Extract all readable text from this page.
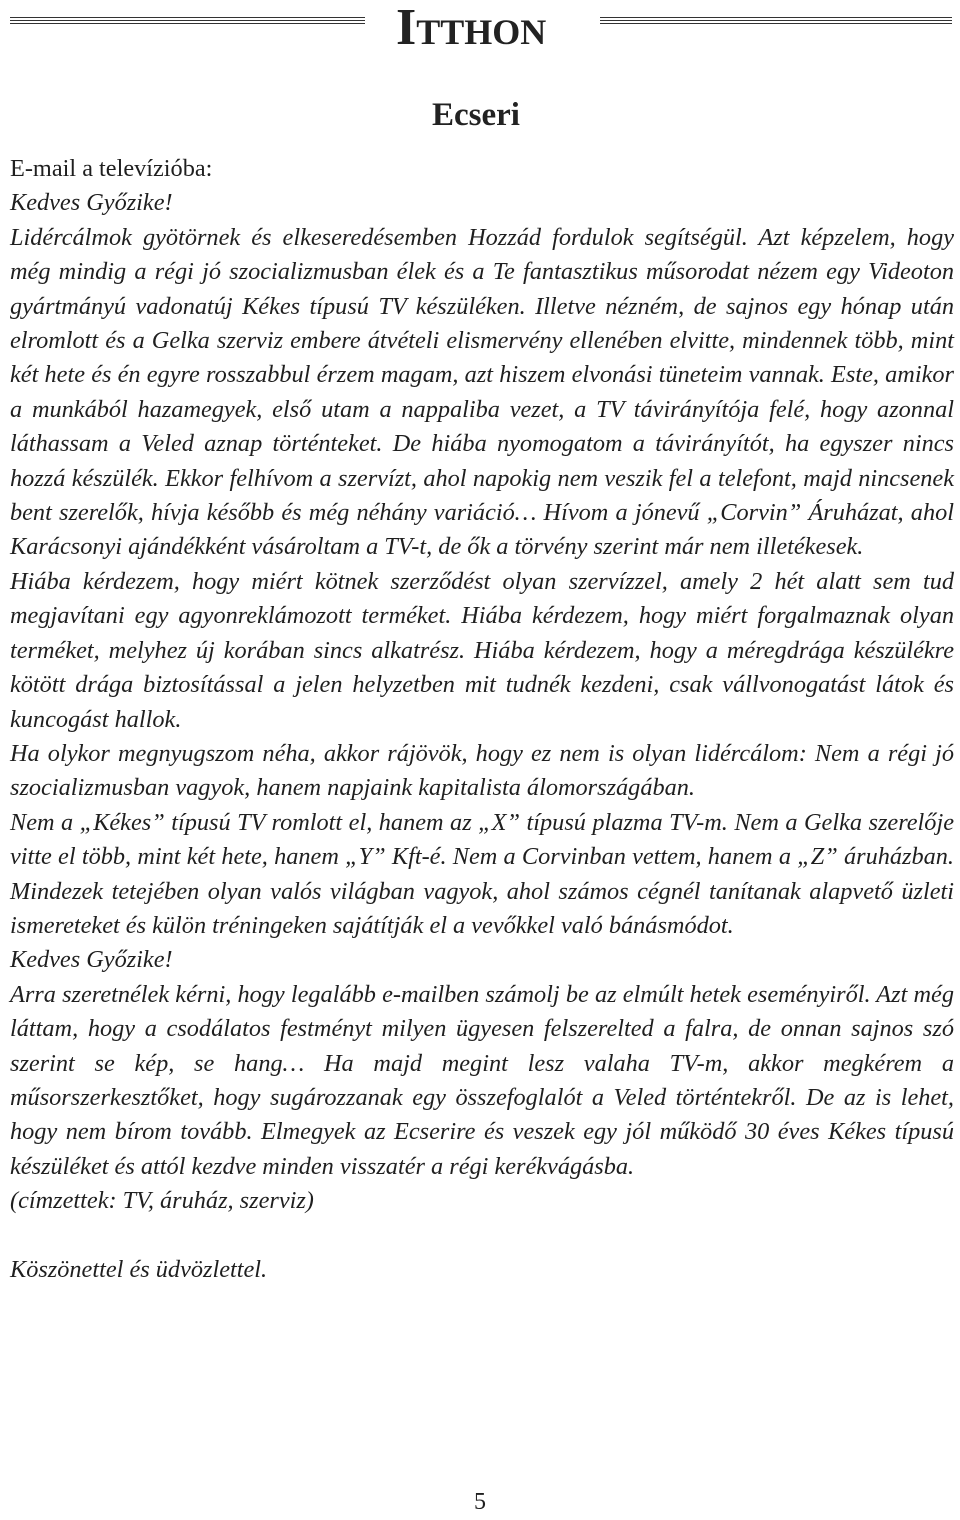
Itthon
Ecseri

E-mail a televízióba:

Kedves Győzike!

Lidércálmok gyötörnek és elkeseredésemben Hozzád fordulok segítségül. Azt képzelem, hogy még mindig a régi jó szocializmusban élek és a Te fantasztikus műsorodat nézem egy Videoton gyártmányú vadonatúj Kékes típusú TV készüléken. Illetve nézném, de sajnos egy hónap után elromlott és a Gelka szerviz embere átvételi elismervény ellenében elvitte, mindennek több, mint két hete és én egyre rosszabbul érzem magam, azt hiszem elvonási tüneteim vannak. Este, amikor a munkából hazamegyek, első utam a nappaliba vezet, a TV távirányítója felé, hogy azonnal láthassam a Veled aznap történteket. De hiába nyomogatom a távirányítót, ha egyszer nincs hozzá készülék. Ekkor felhívom a szervízt, ahol napokig nem veszik fel a telefont, majd nincsenek bent szerelők, hívja később és még néhány variáció… Hívom a jónevű „Corvin” Áruházat, ahol Karácsonyi ajándékként vásároltam a TV-t, de ők a törvény szerint már nem illetékesek.

Hiába kérdezem, hogy miért kötnek szerződést olyan szervízzel, amely 2 hét alatt sem tud megjavítani egy agyonreklámozott terméket. Hiába kérdezem, hogy miért forgalmaznak olyan terméket, melyhez új korában sincs alkatrész. Hiába kérdezem, hogy a méregdrága készülékre kötött drága biztosítással a jelen helyzetben mit tudnék kezdeni, csak vállvonogatást látok és kuncogást hallok.

Ha olykor megnyugszom néha, akkor rájövök, hogy ez nem is olyan lidércálom: Nem a régi jó szocializmusban vagyok, hanem napjaink kapitalista álomországában.

Nem a „Kékes” típusú TV romlott el, hanem az „X” típusú plazma TV-m. Nem a Gelka szerelője vitte el több, mint két hete, hanem „Y” Kft-é. Nem a Corvinban vettem, hanem a „Z” áruházban. Mindezek tetejében olyan valós világban vagyok, ahol számos cégnél tanítanak alapvető üzleti ismereteket és külön tréningeken sajátítják el a vevőkkel való bánásmódot.

Kedves Győzike!

Arra szeretnélek kérni, hogy legalább e-mailben számolj be az elmúlt hetek eseményiről. Azt még láttam, hogy a csodálatos festményt milyen ügyesen felszerelted a falra, de onnan sajnos szó szerint se kép, se hang… Ha majd megint lesz valaha TV-m, akkor megkérem a műsorszerkesztőket, hogy sugározzanak egy összefoglalót a Veled történtekről. De az is lehet, hogy nem bírom tovább. Elmegyek az Ecserire és veszek egy jól működő 30 éves Kékes típusú készüléket és attól kezdve minden visszatér a régi kerékvágásba.

(címzettek: TV, áruház, szerviz)

Köszönettel és üdvözlettel.

5
